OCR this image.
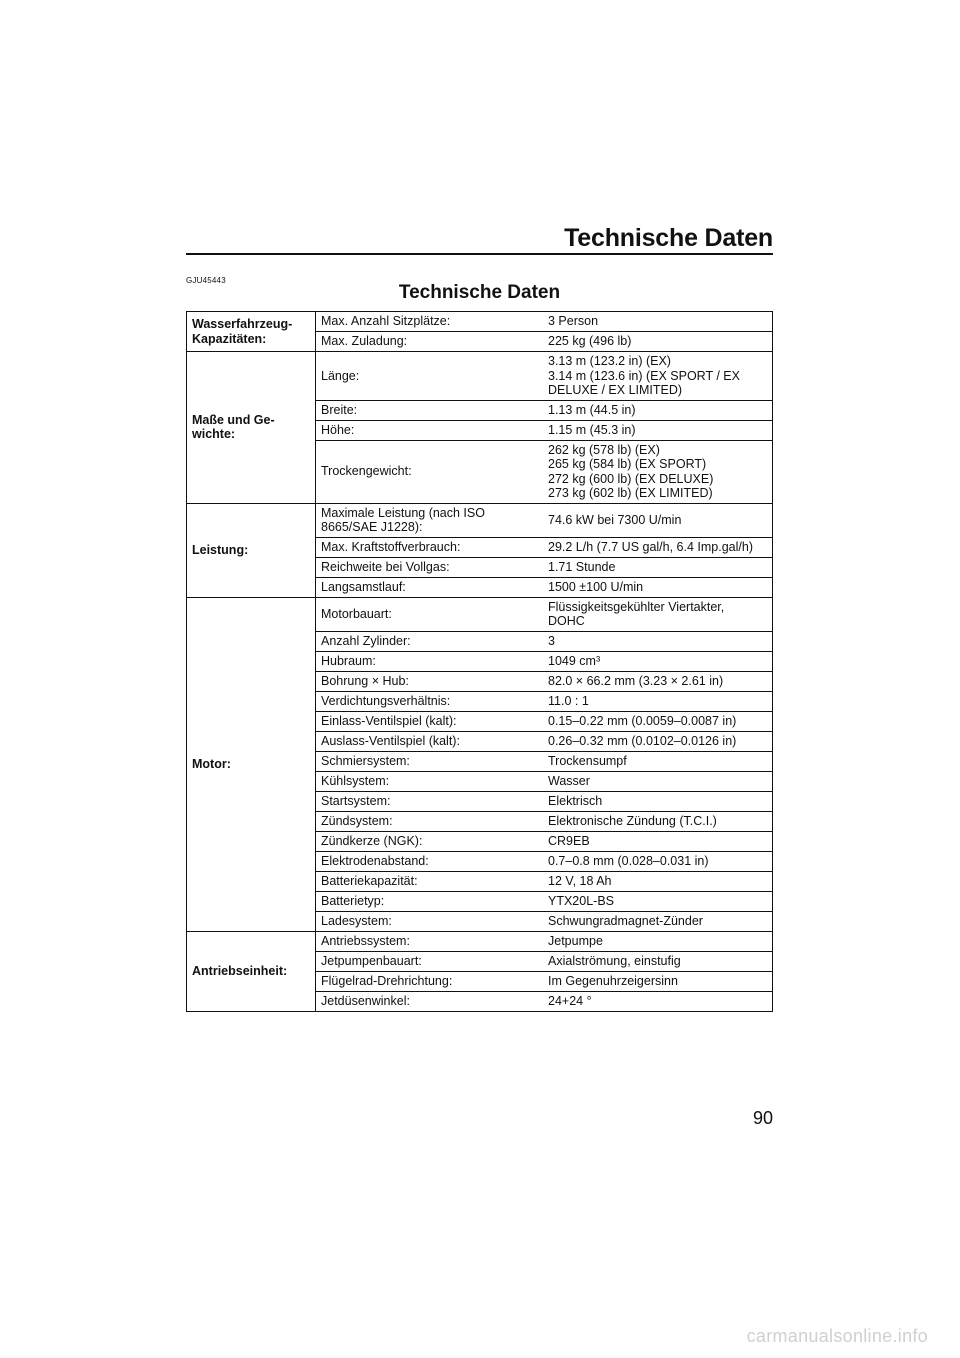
Technische Daten
GJU45443
Technische Daten
Wasserfahrzeug-
Kapazitäten:	Max. Anzahl Sitzplätze:	3 Person
	Max. Zuladung:	225 kg (496 lb)
Maße und Ge-
wichte:	Länge:	3.13 m (123.2 in) (EX)
3.14 m (123.6 in) (EX SPORT / EX
DELUXE / EX LIMITED)
	Breite:	1.13 m (44.5 in)
	Höhe:	1.15 m (45.3 in)
	Trockengewicht:	262 kg (578 lb) (EX)
265 kg (584 lb) (EX SPORT)
272 kg (600 lb) (EX DELUXE)
273 kg (602 lb) (EX LIMITED)
Leistung:	Maximale Leistung (nach ISO
8665/SAE J1228):	74.6 kW bei 7300 U/min
	Max. Kraftstoffverbrauch:	29.2 L/h (7.7 US gal/h, 6.4 Imp.gal/h)
	Reichweite bei Vollgas:	1.71 Stunde
	Langsamstlauf:	1500 ±100 U/min
Motor:	Motorbauart:	Flüssigkeitsgekühlter Viertakter,
DOHC
	Anzahl Zylinder:	3
	Hubraum:	1049 cm³
	Bohrung × Hub:	82.0 × 66.2 mm (3.23 × 2.61 in)
	Verdichtungsverhältnis:	11.0 : 1
	Einlass-Ventilspiel (kalt):	0.15–0.22 mm (0.0059–0.0087 in)
	Auslass-Ventilspiel (kalt):	0.26–0.32 mm (0.0102–0.0126 in)
	Schmiersystem:	Trockensumpf
	Kühlsystem:	Wasser
	Startsystem:	Elektrisch
	Zündsystem:	Elektronische Zündung (T.C.I.)
	Zündkerze (NGK):	CR9EB
	Elektrodenabstand:	0.7–0.8 mm (0.028–0.031 in)
	Batteriekapazität:	12 V, 18 Ah
	Batterietyp:	YTX20L-BS
	Ladesystem:	Schwungradmagnet-Zünder
Antriebseinheit:	Antriebssystem:	Jetpumpe
	Jetpumpenbauart:	Axialströmung, einstufig
	Flügelrad-Drehrichtung:	Im Gegenuhrzeigersinn
	Jetdüsenwinkel:	24+24 °
90
carmanualsonline.info
